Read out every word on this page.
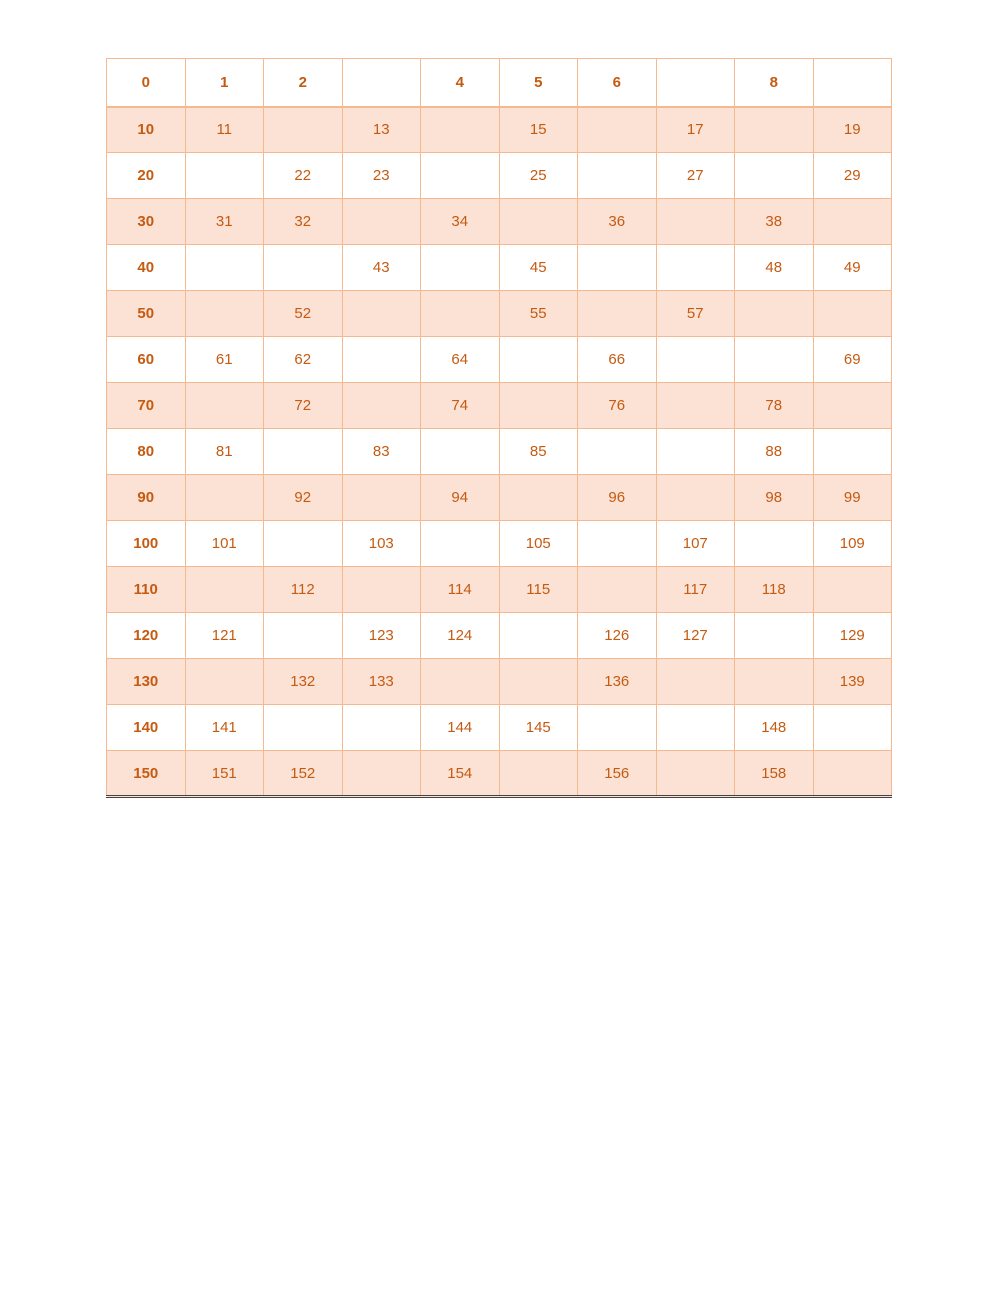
0	1	2		4	5	6		8	
10	11		13		15		17		19
20		22	23		25		27		29
30	31	32		34		36		38	
40			43		45			48	49
50		52			55		57		
60	61	62		64		66			69
70		72		74		76		78	
80	81		83		85			88	
90		92		94		96		98	99
100	101		103		105		107		109
110		112		114	115		117	118	
120	121		123	124		126	127		129
130		132	133			136			139
140	141			144	145			148	
150	151	152		154		156		158	
